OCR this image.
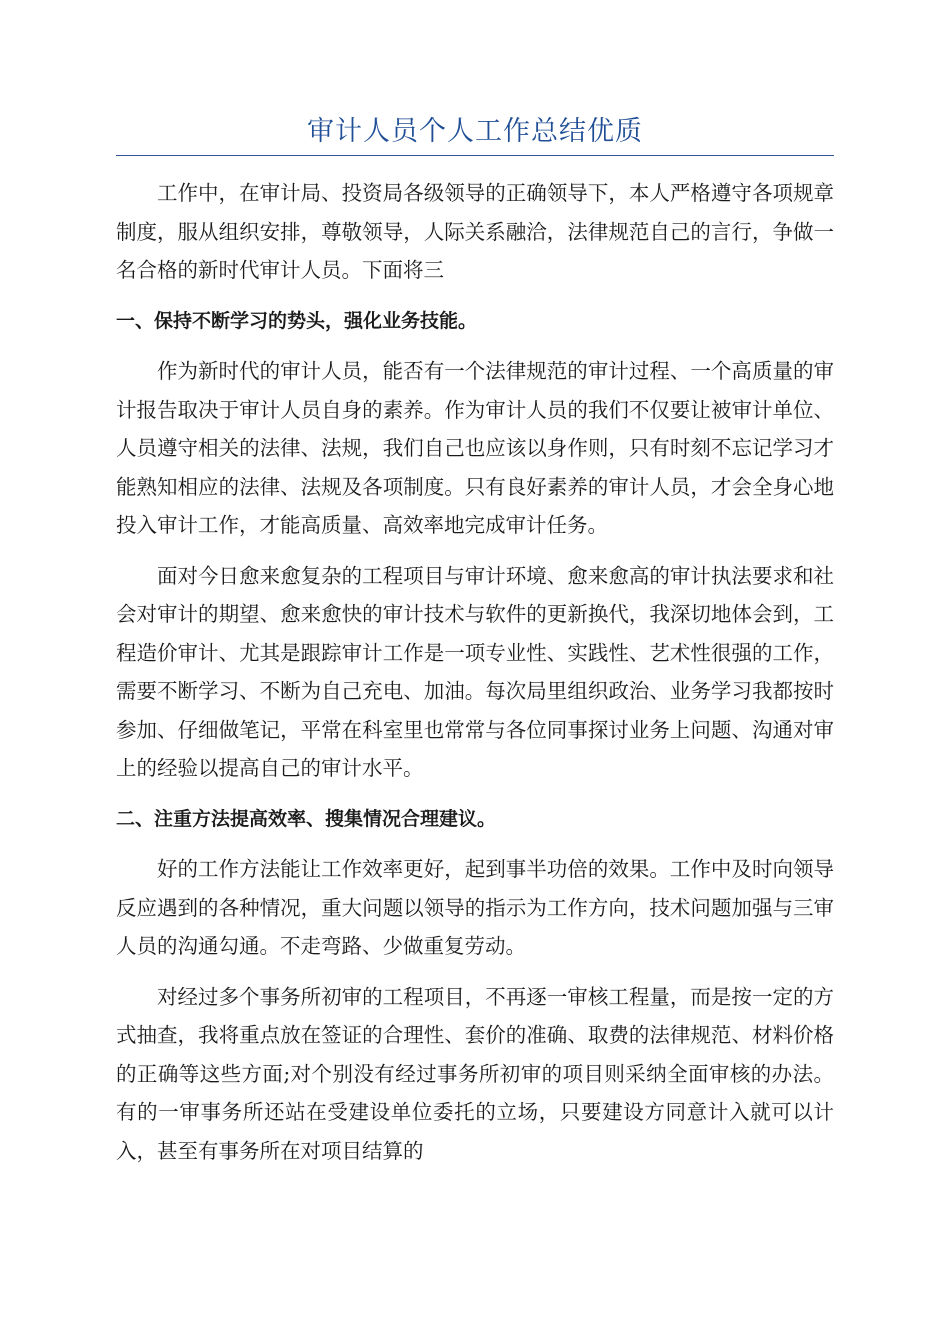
审计人员个人工作总结优质

工作中，在审计局、投资局各级领导的正确领导下，本人严格遵守各项规章制度，服从组织安排，尊敬领导，人际关系融洽，法律规范自己的言行，争做一名合格的新时代审计人员。下面将三

一、保持不断学习的势头，强化业务技能。

作为新时代的审计人员，能否有一个法律规范的审计过程、一个高质量的审计报告取决于审计人员自身的素养。作为审计人员的我们不仅要让被审计单位、人员遵守相关的法律、法规，我们自己也应该以身作则，只有时刻不忘记学习才能熟知相应的法律、法规及各项制度。只有良好素养的审计人员，才会全身心地投入审计工作，才能高质量、高效率地完成审计任务。

面对今日愈来愈复杂的工程项目与审计环境、愈来愈高的审计执法要求和社会对审计的期望、愈来愈快的审计技术与软件的更新换代，我深切地体会到，工程造价审计、尤其是跟踪审计工作是一项专业性、实践性、艺术性很强的工作，需要不断学习、不断为自己充电、加油。每次局里组织政治、业务学习我都按时参加、仔细做笔记，平常在科室里也常常与各位同事探讨业务上问题、沟通对审上的经验以提高自己的审计水平。

二、注重方法提高效率、搜集情况合理建议。

好的工作方法能让工作效率更好，起到事半功倍的效果。工作中及时向领导反应遇到的各种情况，重大问题以领导的指示为工作方向，技术问题加强与三审人员的沟通勾通。不走弯路、少做重复劳动。

对经过多个事务所初审的工程项目，不再逐一审核工程量，而是按一定的方式抽查，我将重点放在签证的合理性、套价的准确、取费的法律规范、材料价格的正确等这些方面;对个别没有经过事务所初审的项目则采纳全面审核的办法。有的一审事务所还站在受建设单位委托的立场，只要建设方同意计入就可以计入，甚至有事务所在对项目结算的
